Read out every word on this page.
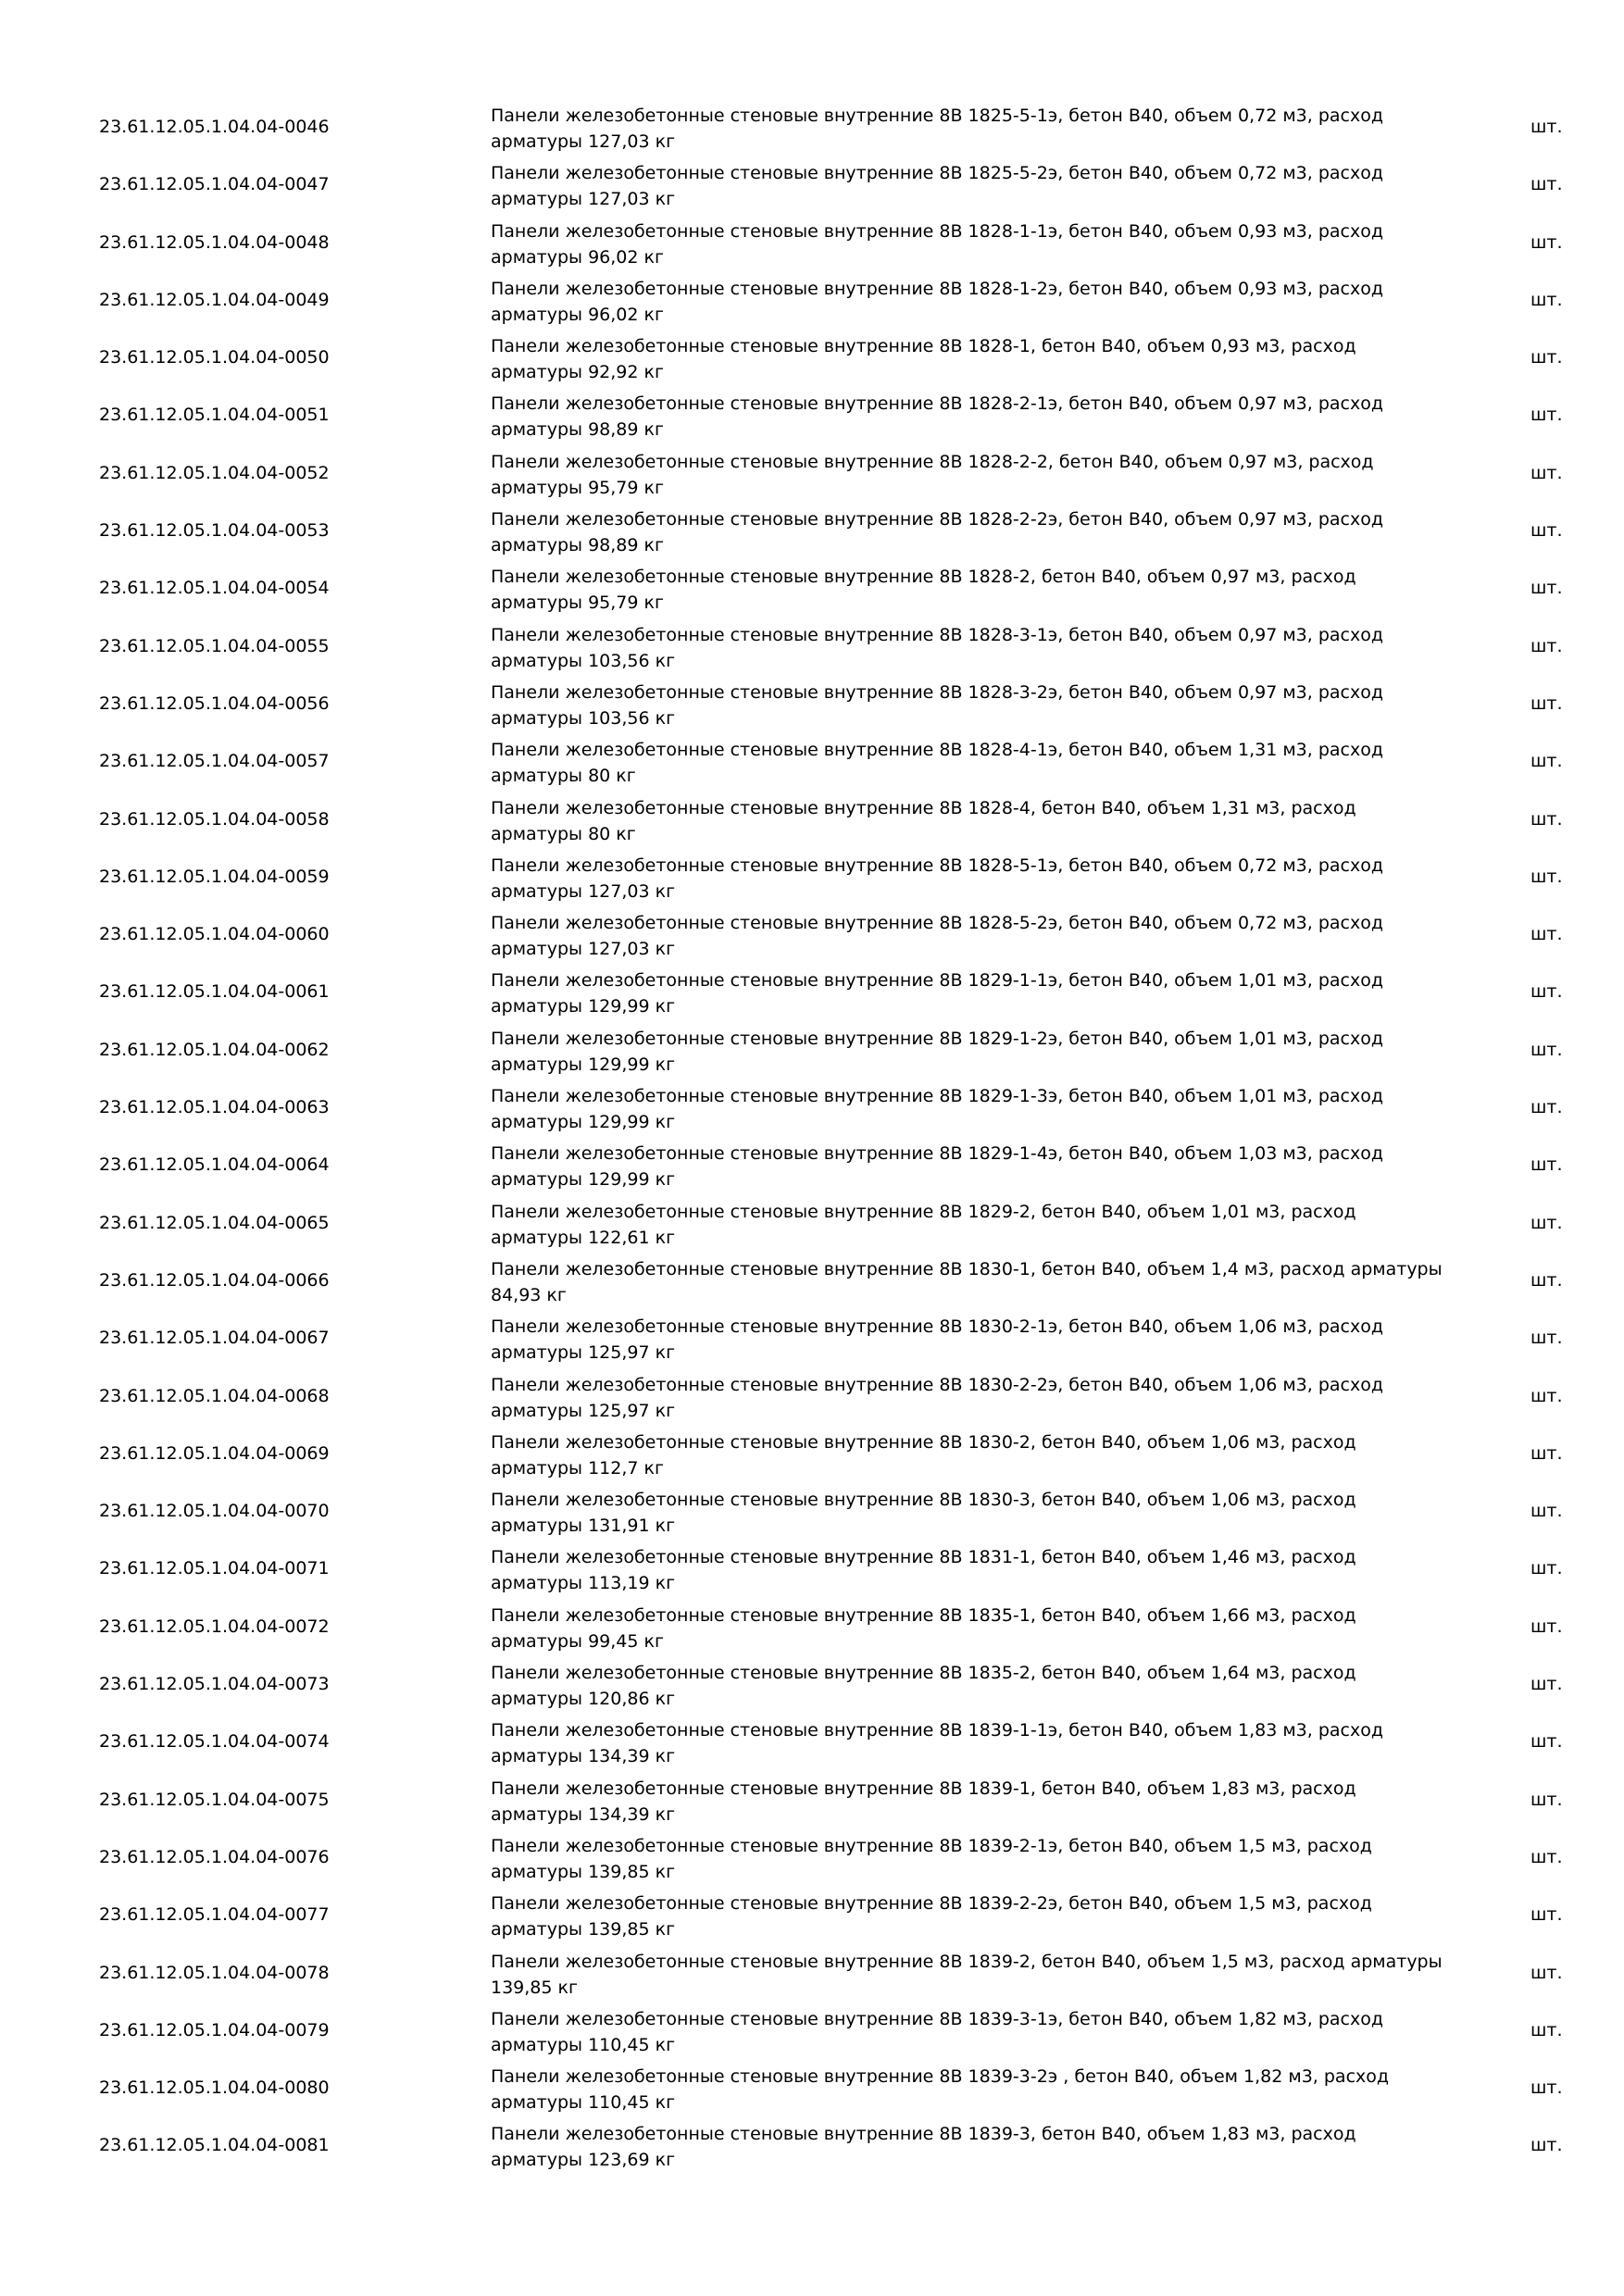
23.61.12.05.1.04.04-0046
Панели железобетонные стеновые внутренние 8В 1825-5-1э, бетон В40, объем 0,72 м3, расход
арматуры 127,03 кг
шт.
23.61.12.05.1.04.04-0047
Панели железобетонные стеновые внутренние 8В 1825-5-2э, бетон В40, объем 0,72 м3, расход
арматуры 127,03 кг
шт.
23.61.12.05.1.04.04-0048
Панели железобетонные стеновые внутренние 8В 1828-1-1э, бетон В40, объем 0,93 м3, расход
арматуры 96,02 кг
шт.
23.61.12.05.1.04.04-0049
Панели железобетонные стеновые внутренние 8В 1828-1-2э, бетон В40, объем 0,93 м3, расход
арматуры 96,02 кг
шт.
23.61.12.05.1.04.04-0050
Панели железобетонные стеновые внутренние 8В 1828-1, бетон В40, объем 0,93 м3, расход
арматуры 92,92 кг
шт.
23.61.12.05.1.04.04-0051
Панели железобетонные стеновые внутренние 8В 1828-2-1э, бетон В40, объем 0,97 м3, расход
арматуры 98,89 кг
шт.
23.61.12.05.1.04.04-0052
Панели железобетонные стеновые внутренние 8В 1828-2-2, бетон В40, объем 0,97 м3, расход
арматуры 95,79 кг
шт.
23.61.12.05.1.04.04-0053
Панели железобетонные стеновые внутренние 8В 1828-2-2э, бетон В40, объем 0,97 м3, расход
арматуры 98,89 кг
шт.
23.61.12.05.1.04.04-0054
Панели железобетонные стеновые внутренние 8В 1828-2, бетон В40, объем 0,97 м3, расход
арматуры 95,79 кг
шт.
23.61.12.05.1.04.04-0055
Панели железобетонные стеновые внутренние 8В 1828-3-1э, бетон В40, объем 0,97 м3, расход
арматуры 103,56 кг
шт.
23.61.12.05.1.04.04-0056
Панели железобетонные стеновые внутренние 8В 1828-3-2э, бетон В40, объем 0,97 м3, расход
арматуры 103,56 кг
шт.
23.61.12.05.1.04.04-0057
Панели железобетонные стеновые внутренние 8В 1828-4-1э, бетон В40, объем 1,31 м3, расход
арматуры 80 кг
шт.
23.61.12.05.1.04.04-0058
Панели железобетонные стеновые внутренние 8В 1828-4, бетон В40, объем 1,31 м3, расход
арматуры 80 кг
шт.
23.61.12.05.1.04.04-0059
Панели железобетонные стеновые внутренние 8В 1828-5-1э, бетон В40, объем 0,72 м3, расход
арматуры 127,03 кг
шт.
23.61.12.05.1.04.04-0060
Панели железобетонные стеновые внутренние 8В 1828-5-2э, бетон В40, объем 0,72 м3, расход
арматуры 127,03 кг
шт.
23.61.12.05.1.04.04-0061
Панели железобетонные стеновые внутренние 8В 1829-1-1э, бетон В40, объем 1,01 м3, расход
арматуры 129,99 кг
шт.
23.61.12.05.1.04.04-0062
Панели железобетонные стеновые внутренние 8В 1829-1-2э, бетон В40, объем 1,01 м3, расход
арматуры 129,99 кг
шт.
23.61.12.05.1.04.04-0063
Панели железобетонные стеновые внутренние 8В 1829-1-3э, бетон В40, объем 1,01 м3, расход
арматуры 129,99 кг
шт.
23.61.12.05.1.04.04-0064
Панели железобетонные стеновые внутренние 8В 1829-1-4э, бетон В40, объем 1,03 м3, расход
арматуры 129,99 кг
шт.
23.61.12.05.1.04.04-0065
Панели железобетонные стеновые внутренние 8В 1829-2, бетон В40, объем 1,01 м3, расход
арматуры 122,61 кг
шт.
23.61.12.05.1.04.04-0066
Панели железобетонные стеновые внутренние 8В 1830-1, бетон В40, объем 1,4 м3, расход арматуры
84,93 кг
шт.
23.61.12.05.1.04.04-0067
Панели железобетонные стеновые внутренние 8В 1830-2-1э, бетон В40, объем 1,06 м3, расход
арматуры 125,97 кг
шт.
23.61.12.05.1.04.04-0068
Панели железобетонные стеновые внутренние 8В 1830-2-2э, бетон В40, объем 1,06 м3, расход
арматуры 125,97 кг
шт.
23.61.12.05.1.04.04-0069
Панели железобетонные стеновые внутренние 8В 1830-2, бетон В40, объем 1,06 м3, расход
арматуры 112,7 кг
шт.
23.61.12.05.1.04.04-0070
Панели железобетонные стеновые внутренние 8В 1830-3, бетон В40, объем 1,06 м3, расход
арматуры 131,91 кг
шт.
23.61.12.05.1.04.04-0071
Панели железобетонные стеновые внутренние 8В 1831-1, бетон В40, объем 1,46 м3, расход
арматуры 113,19 кг
шт.
23.61.12.05.1.04.04-0072
Панели железобетонные стеновые внутренние 8В 1835-1, бетон В40, объем 1,66 м3, расход
арматуры 99,45 кг
шт.
23.61.12.05.1.04.04-0073
Панели железобетонные стеновые внутренние 8В 1835-2, бетон В40, объем 1,64 м3, расход
арматуры 120,86 кг
шт.
23.61.12.05.1.04.04-0074
Панели железобетонные стеновые внутренние 8В 1839-1-1э, бетон В40, объем 1,83 м3, расход
арматуры 134,39 кг
шт.
23.61.12.05.1.04.04-0075
Панели железобетонные стеновые внутренние 8В 1839-1, бетон В40, объем 1,83 м3, расход
арматуры 134,39 кг
шт.
23.61.12.05.1.04.04-0076
Панели железобетонные стеновые внутренние 8В 1839-2-1э, бетон В40, объем 1,5 м3, расход
арматуры 139,85 кг
шт.
23.61.12.05.1.04.04-0077
Панели железобетонные стеновые внутренние 8В 1839-2-2э, бетон В40, объем 1,5 м3, расход
арматуры 139,85 кг
шт.
23.61.12.05.1.04.04-0078
Панели железобетонные стеновые внутренние 8В 1839-2, бетон В40, объем 1,5 м3, расход арматуры
139,85 кг
шт.
23.61.12.05.1.04.04-0079
Панели железобетонные стеновые внутренние 8В 1839-3-1э, бетон В40, объем 1,82 м3, расход
арматуры 110,45 кг
шт.
23.61.12.05.1.04.04-0080
Панели железобетонные стеновые внутренние 8В 1839-3-2э , бетон В40, объем 1,82 м3, расход
арматуры 110,45 кг
шт.
23.61.12.05.1.04.04-0081
Панели железобетонные стеновые внутренние 8В 1839-3, бетон В40, объем 1,83 м3, расход
арматуры 123,69 кг
шт.
